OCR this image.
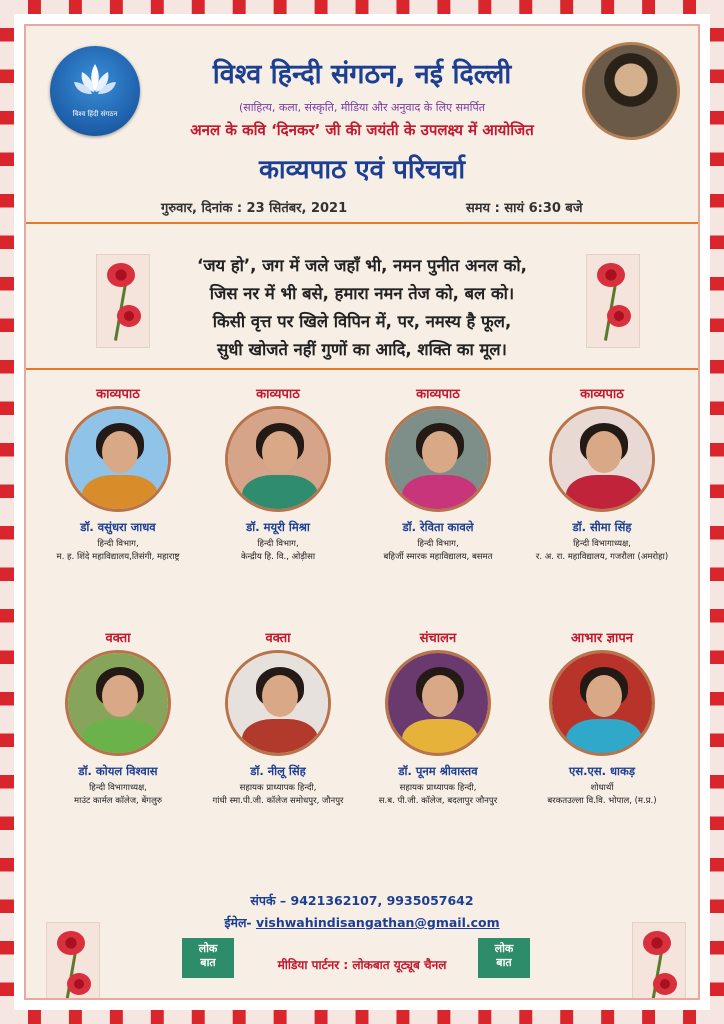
विश्व हिंदी संगठन
विश्व हिन्दी संगठन, नई दिल्ली
(साहित्य, कला, संस्कृति, मीडिया और अनुवाद के लिए समर्पित
अनल के कवि ‘दिनकर’ जी की जयंती के उपलक्ष्य में आयोजित
काव्यपाठ एवं परिचर्चा
गुरुवार, दिनांक : 23 सितंबर, 2021	समय : सायं 6:30 बजे
‘जय हो’, जग में जले जहाँ भी, नमन पुनीत अनल को,
जिस नर में भी बसे, हमारा नमन तेज को, बल को।
किसी वृत्त पर खिले विपिन में, पर, नमस्य है फूल,
सुधी खोजते नहीं गुणों का आदि, शक्ति का मूल।
काव्यपाठ
डॉ. वसुंधरा जाधव
हिन्दी विभाग,
म. ह. शिंदे महाविद्यालय,तिसंगी, महाराष्ट्र
काव्यपाठ
डॉ. मयूरी मिश्रा
हिन्दी विभाग,
केन्द्रीय हि. वि., ओड़ीसा
काव्यपाठ
डॉ. रेविता कावले
हिन्दी विभाग,
बहिर्जी स्मारक महाविद्यालय, बसमत
काव्यपाठ
डॉ. सीमा सिंह
हिन्दी विभागाध्यक्ष,
र. अ. रा. महाविद्यालय, गजरौला (अमरोहा)
वक्ता
डॉ. कोयल विश्वास
हिन्दी विभागाध्यक्ष,
माउंट कार्मल कॉलेज, बेंगलुरु
वक्ता
डॉ. नीलू सिंह
सहायक प्राध्यापक हिन्दी,
गांधी स्मा.पी.जी. कॉलेज समोधपुर, जौनपुर
संचालन
डॉ. पूनम श्रीवास्तव
सहायक प्राध्यापक हिन्दी,
स.ब. पी.जी. कॉलेज, बदलापुर जौनपुर
आभार ज्ञापन
एस.एस. धाकड़
शोधार्थी
बरकतउल्ला वि.वि. भोपाल, (म.प्र.)
संपर्क – 9421362107, 9935057642
ईमेल- vishwahindisangathan@gmail.com
लोक
बात	मीडिया पार्टनर : लोकबात यूट्यूब चैनल
लोक
बात
